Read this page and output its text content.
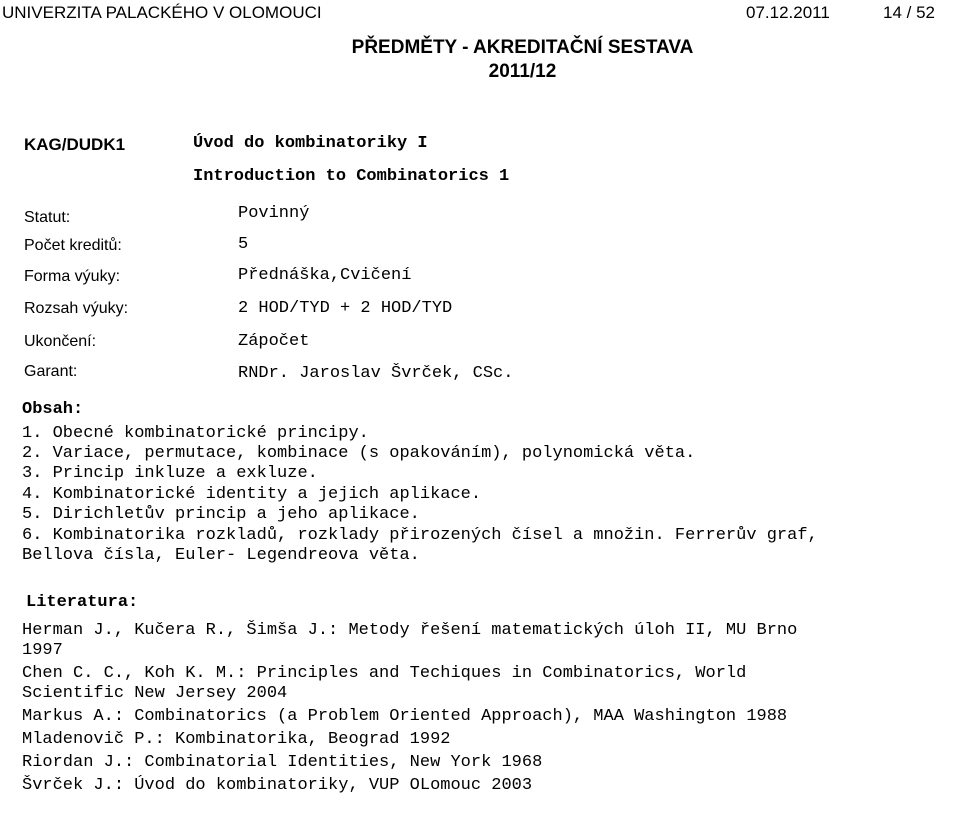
UNIVERZITA PALACKÉHO V OLOMOUCI	07.12.2011	14 / 52
PŘEDMĚTY - AKREDITAČNÍ SESTAVA
2011/12
KAG/DUDK1	Úvod do kombinatoriky I
Introduction to Combinatorics 1
Statut:	Povinný
Počet kreditů:	5
Forma výuky:	Přednáška,Cvičení
Rozsah výuky:	2 HOD/TYD + 2 HOD/TYD
Ukončení:	Zápočet
Garant:	RNDr. Jaroslav Švrček, CSc.
Obsah:
1. Obecné kombinatorické principy.
2. Variace, permutace, kombinace (s opakováním), polynomická věta.
3. Princip inkluze a exkluze.
4. Kombinatorické identity a jejich aplikace.
5. Dirichletův princip a jeho aplikace.
6. Kombinatorika rozkladů, rozklady přirozených čísel a množin. Ferrerův graf,
Bellova čísla, Euler- Legendreova věta.
Literatura:
Herman J., Kučera R., Šimša J.: Metody řešení matematických úloh II, MU Brno
1997
Chen C. C., Koh K. M.: Principles and Techiques in Combinatorics, World
Scientific New Jersey 2004
Markus A.: Combinatorics (a Problem Oriented Approach), MAA Washington 1988
Mladenovič P.: Kombinatorika, Beograd 1992
Riordan J.: Combinatorial Identities, New York 1968
Švrček J.: Úvod do kombinatoriky, VUP OLomouc 2003
